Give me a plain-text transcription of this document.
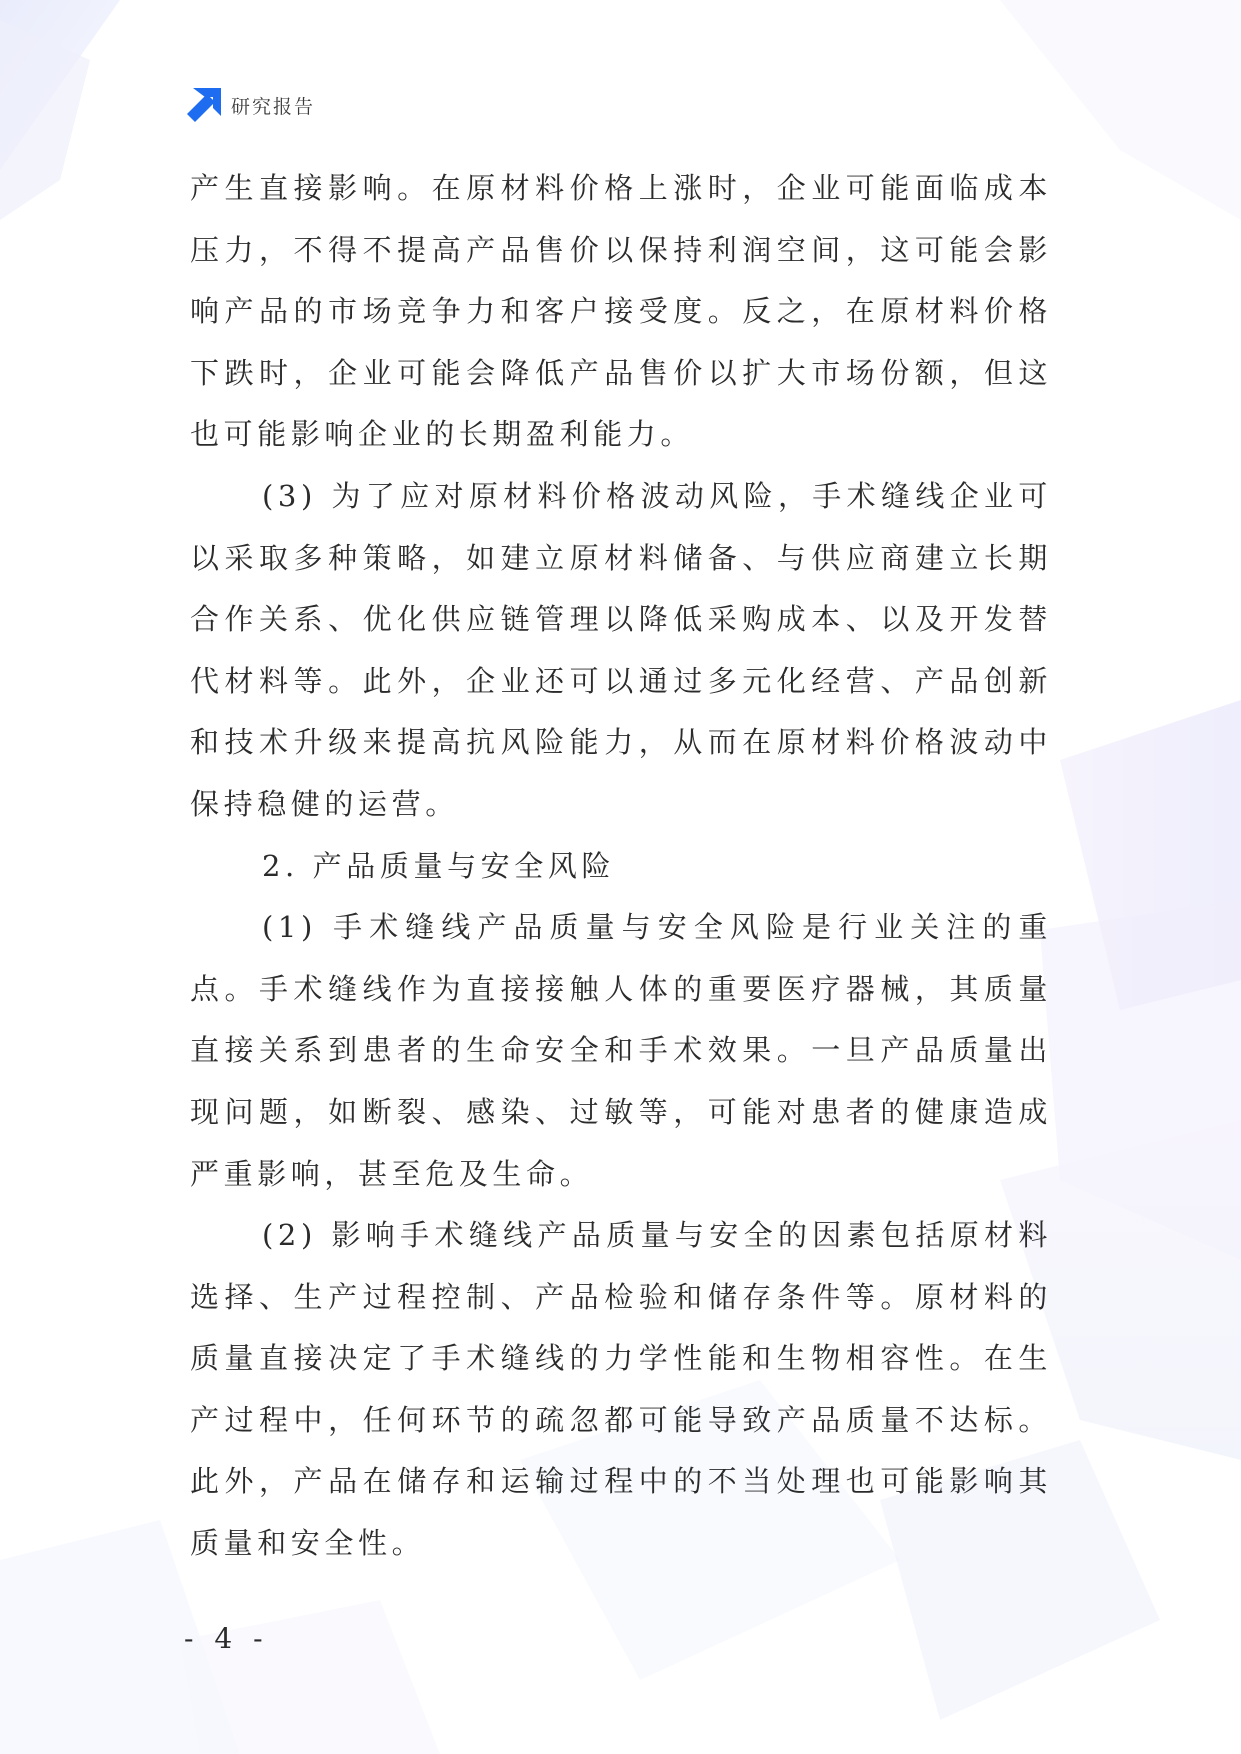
研究报告

产生直接影响。在原材料价格上涨时，企业可能面临成本压力，不得不提高产品售价以保持利润空间，这可能会影响产品的市场竞争力和客户接受度。反之，在原材料价格下跌时，企业可能会降低产品售价以扩大市场份额，但这也可能影响企业的长期盈利能力。

(3) 为了应对原材料价格波动风险，手术缝线企业可以采取多种策略，如建立原材料储备、与供应商建立长期合作关系、优化供应链管理以降低采购成本、以及开发替代材料等。此外，企业还可以通过多元化经营、产品创新和技术升级来提高抗风险能力，从而在原材料价格波动中保持稳健的运营。

2. 产品质量与安全风险

(1) 手术缝线产品质量与安全风险是行业关注的重点。手术缝线作为直接接触人体的重要医疗器械，其质量直接关系到患者的生命安全和手术效果。一旦产品质量出现问题，如断裂、感染、过敏等，可能对患者的健康造成严重影响，甚至危及生命。

(2) 影响手术缝线产品质量与安全的因素包括原材料选择、生产过程控制、产品检验和储存条件等。原材料的质量直接决定了手术缝线的力学性能和生物相容性。在生产过程中，任何环节的疏忽都可能导致产品质量不达标。此外，产品在储存和运输过程中的不当处理也可能影响其质量和安全性。

- 4 -
